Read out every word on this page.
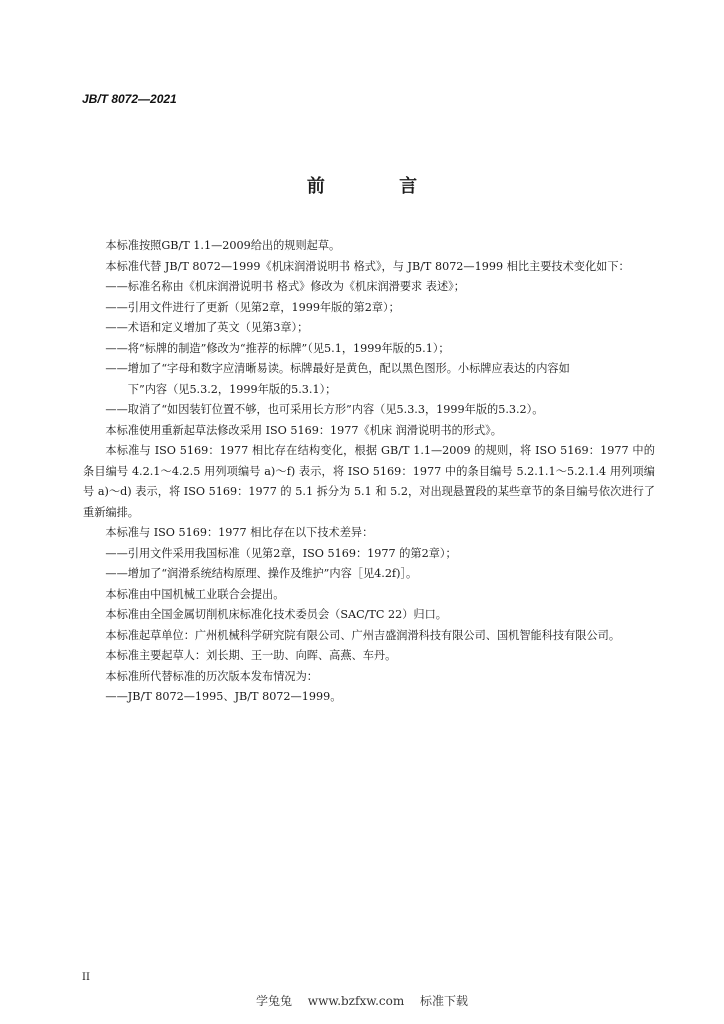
JB/T 8072—2021
前 言

本标准按照GB/T 1.1—2009给出的规则起草。

本标准代替 JB/T 8072—1999《机床润滑说明书 格式》，与 JB/T 8072—1999 相比主要技术变化如下：

——标准名称由《机床润滑说明书 格式》修改为《机床润滑要求 表述》；

——引用文件进行了更新（见第2章，1999年版的第2章）；

——术语和定义增加了英文（见第3章）；

——将“标牌的制造”修改为“推荐的标牌”（见5.1，1999年版的5.1）；

——增加了“字母和数字应清晰易读。标牌最好是黄色，配以黑色图形。小标牌应表达的内容如
下”内容（见5.3.2，1999年版的5.3.1）；

——取消了“如因装钉位置不够，也可采用长方形”内容（见5.3.3，1999年版的5.3.2）。

本标准使用重新起草法修改采用 ISO 5169：1977《机床 润滑说明书的形式》。

本标准与 ISO 5169：1977 相比存在结构变化，根据 GB/T 1.1—2009 的规则，将 ISO 5169：1977 中的条目编号 4.2.1～4.2.5 用列项编号 a)～f) 表示，将 ISO 5169：1977 中的条目编号 5.2.1.1～5.2.1.4 用列项编号 a)～d) 表示，将 ISO 5169：1977 的 5.1 拆分为 5.1 和 5.2，对出现悬置段的某些章节的条目编号依次进行了重新编排。

本标准与 ISO 5169：1977 相比存在以下技术差异：

——引用文件采用我国标准（见第2章，ISO 5169：1977 的第2章）；

——增加了“润滑系统结构原理、操作及维护”内容［见4.2f)］。

本标准由中国机械工业联合会提出。

本标准由全国金属切削机床标准化技术委员会（SAC/TC 22）归口。

本标准起草单位：广州机械科学研究院有限公司、广州吉盛润滑科技有限公司、国机智能科技有限公司。

本标准主要起草人：刘长期、王一助、向晖、高燕、车丹。

本标准所代替标准的历次版本发布情况为：

——JB/T 8072—1995、JB/T 8072—1999。

II
学兔兔 www.bzfxw.com 标准下载
